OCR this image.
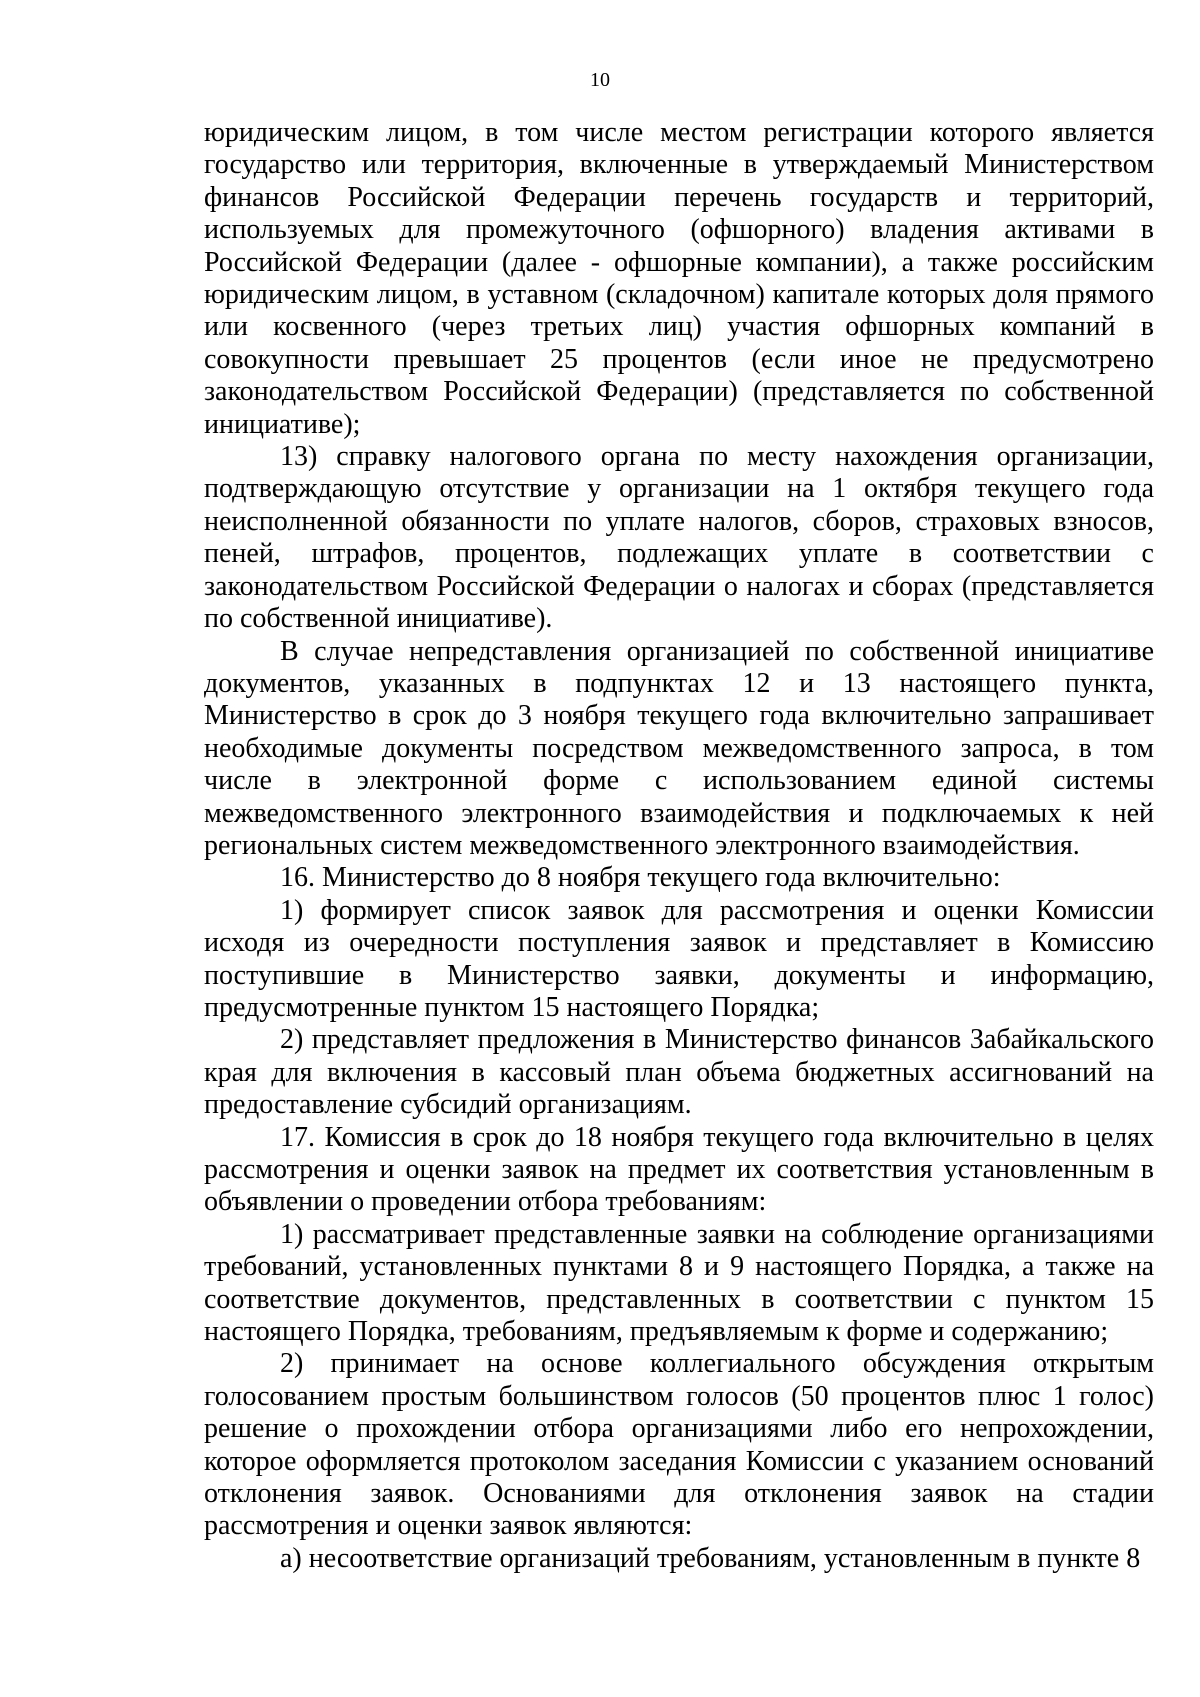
10

юридическим лицом, в том числе местом регистрации которого является государство или территория, включенные в утверждаемый Министерством финансов Российской Федерации перечень государств и территорий, используемых для промежуточного (офшорного) владения активами в Российской Федерации (далее - офшорные компании), а также российским юридическим лицом, в уставном (складочном) капитале которых доля прямого или косвенного (через третьих лиц) участия офшорных компаний в совокупности превышает 25 процентов (если иное не предусмотрено законодательством Российской Федерации) (представляется по собственной инициативе);

13) справку налогового органа по месту нахождения организации, подтверждающую отсутствие у организации на 1 октября текущего года неисполненной обязанности по уплате налогов, сборов, страховых взносов, пеней, штрафов, процентов, подлежащих уплате в соответствии с законодательством Российской Федерации о налогах и сборах (представляется по собственной инициативе).

В случае непредставления организацией по собственной инициативе документов, указанных в подпунктах 12 и 13 настоящего пункта, Министерство в срок до 3 ноября текущего года включительно запрашивает необходимые документы посредством межведомственного запроса, в том числе в электронной форме с использованием единой системы межведомственного электронного взаимодействия и подключаемых к ней региональных систем межведомственного электронного взаимодействия.

16. Министерство до 8 ноября текущего года включительно:

1) формирует список заявок для рассмотрения и оценки Комиссии исходя из очередности поступления заявок и представляет в Комиссию поступившие в Министерство заявки, документы и информацию, предусмотренные пунктом 15 настоящего Порядка;

2) представляет предложения в Министерство финансов Забайкальского края для включения в кассовый план объема бюджетных ассигнований на предоставление субсидий организациям.

17. Комиссия в срок до 18 ноября текущего года включительно в целях рассмотрения и оценки заявок на предмет их соответствия установленным в объявлении о проведении отбора требованиям:

1) рассматривает представленные заявки на соблюдение организациями требований, установленных пунктами 8 и 9 настоящего Порядка, а также на соответствие документов, представленных в соответствии с пунктом 15 настоящего Порядка, требованиям, предъявляемым к форме и содержанию;

2) принимает на основе коллегиального обсуждения открытым голосованием простым большинством голосов (50 процентов плюс 1 голос) решение о прохождении отбора организациями либо его непрохождении, которое оформляется протоколом заседания Комиссии с указанием оснований отклонения заявок. Основаниями для отклонения заявок на стадии рассмотрения и оценки заявок являются:

а) несоответствие организаций требованиям, установленным в пункте 8
